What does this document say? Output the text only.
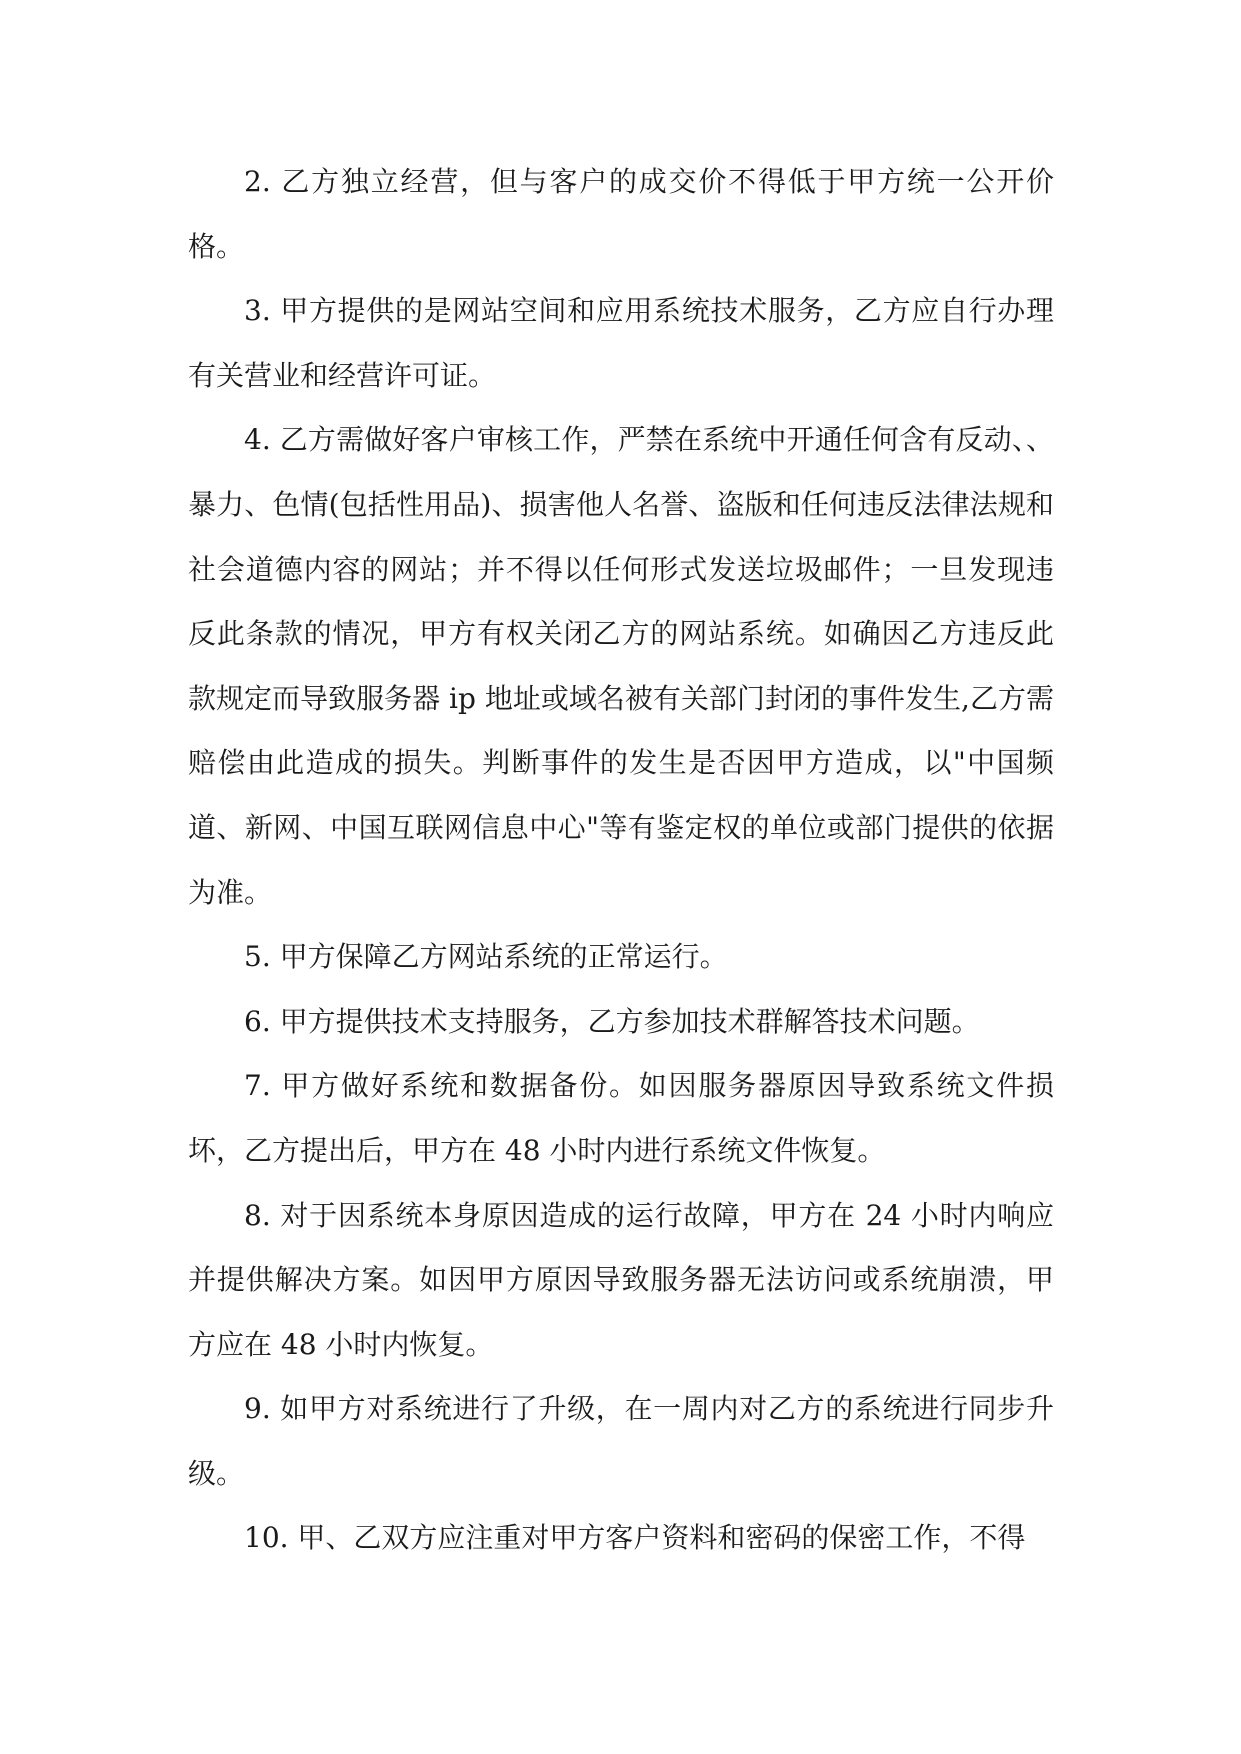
2. 乙方独立经营，但与客户的成交价不得低于甲方统一公开价格。

3. 甲方提供的是网站空间和应用系统技术服务，乙方应自行办理有关营业和经营许可证。

4. 乙方需做好客户审核工作，严禁在系统中开通任何含有反动、、暴力、色情(包括性用品)、损害他人名誉、盗版和任何违反法律法规和社会道德内容的网站；并不得以任何形式发送垃圾邮件；一旦发现违反此条款的情况，甲方有权关闭乙方的网站系统。如确因乙方违反此款规定而导致服务器 ip 地址或域名被有关部门封闭的事件发生,乙方需赔偿由此造成的损失。判断事件的发生是否因甲方造成，以"中国频道、新网、中国互联网信息中心"等有鉴定权的单位或部门提供的依据为准。

5. 甲方保障乙方网站系统的正常运行。

6. 甲方提供技术支持服务，乙方参加技术群解答技术问题。

7. 甲方做好系统和数据备份。如因服务器原因导致系统文件损坏，乙方提出后，甲方在 48 小时内进行系统文件恢复。

8. 对于因系统本身原因造成的运行故障，甲方在 24 小时内响应并提供解决方案。如因甲方原因导致服务器无法访问或系统崩溃，甲方应在 48 小时内恢复。

9. 如甲方对系统进行了升级，在一周内对乙方的系统进行同步升级。

10. 甲、乙双方应注重对甲方客户资料和密码的保密工作，不得
